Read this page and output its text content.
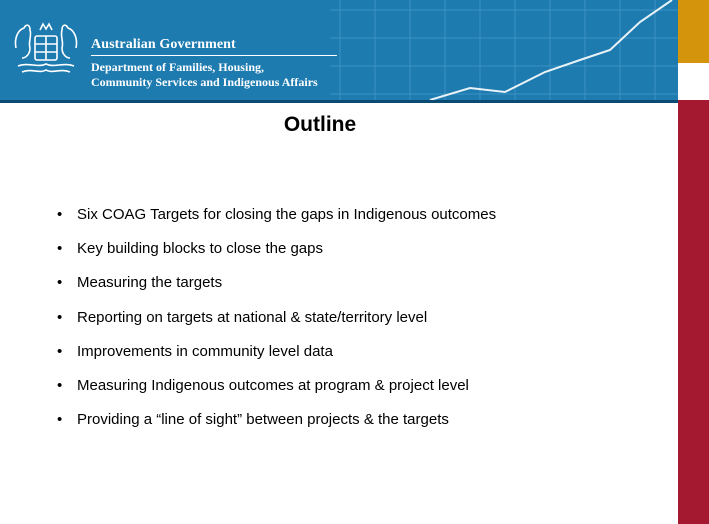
Australian Government
Department of Families, Housing,
Community Services and Indigenous Affairs
Outline
• Six COAG Targets for closing the gaps in Indigenous outcomes
• Key building blocks to close the gaps
• Measuring the targets
• Reporting on targets at national & state/territory level
• Improvements in community level data
• Measuring Indigenous outcomes at program & project level
• Providing a “line of sight” between projects & the targets
